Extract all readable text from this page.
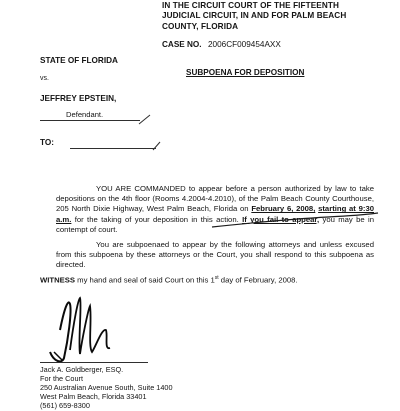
IN THE CIRCUIT COURT OF THE FIFTEENTH
JUDICIAL CIRCUIT, IN AND FOR PALM BEACH
COUNTY, FLORIDA
CASE NO. 2006CF009454AXX
STATE OF FLORIDA
vs.
JEFFREY EPSTEIN,
Defendant.
SUBPOENA FOR DEPOSITION
TO:
YOU ARE COMMANDED to appear before a person authorized by law to take depositions on the 4th floor (Rooms 4.2004-4.2010), of the Palm Beach County Courthouse, 205 North Dixie Highway, West Palm Beach, Florida on February 6, 2008, starting at 9:30 a.m. for the taking of your deposition in this action. If you fail to appear, you may be in contempt of court.
You are subpoenaed to appear by the following attorneys and unless excused from this subpoena by these attorneys or the Court, you shall respond to this subpoena as directed.
WITNESS my hand and seal of said Court on this 1st day of February, 2008.
Jack A. Goldberger, ESQ.
For the Court
250 Australian Avenue South, Suite 1400
West Palm Beach, Florida 33401
(561) 659-8300
